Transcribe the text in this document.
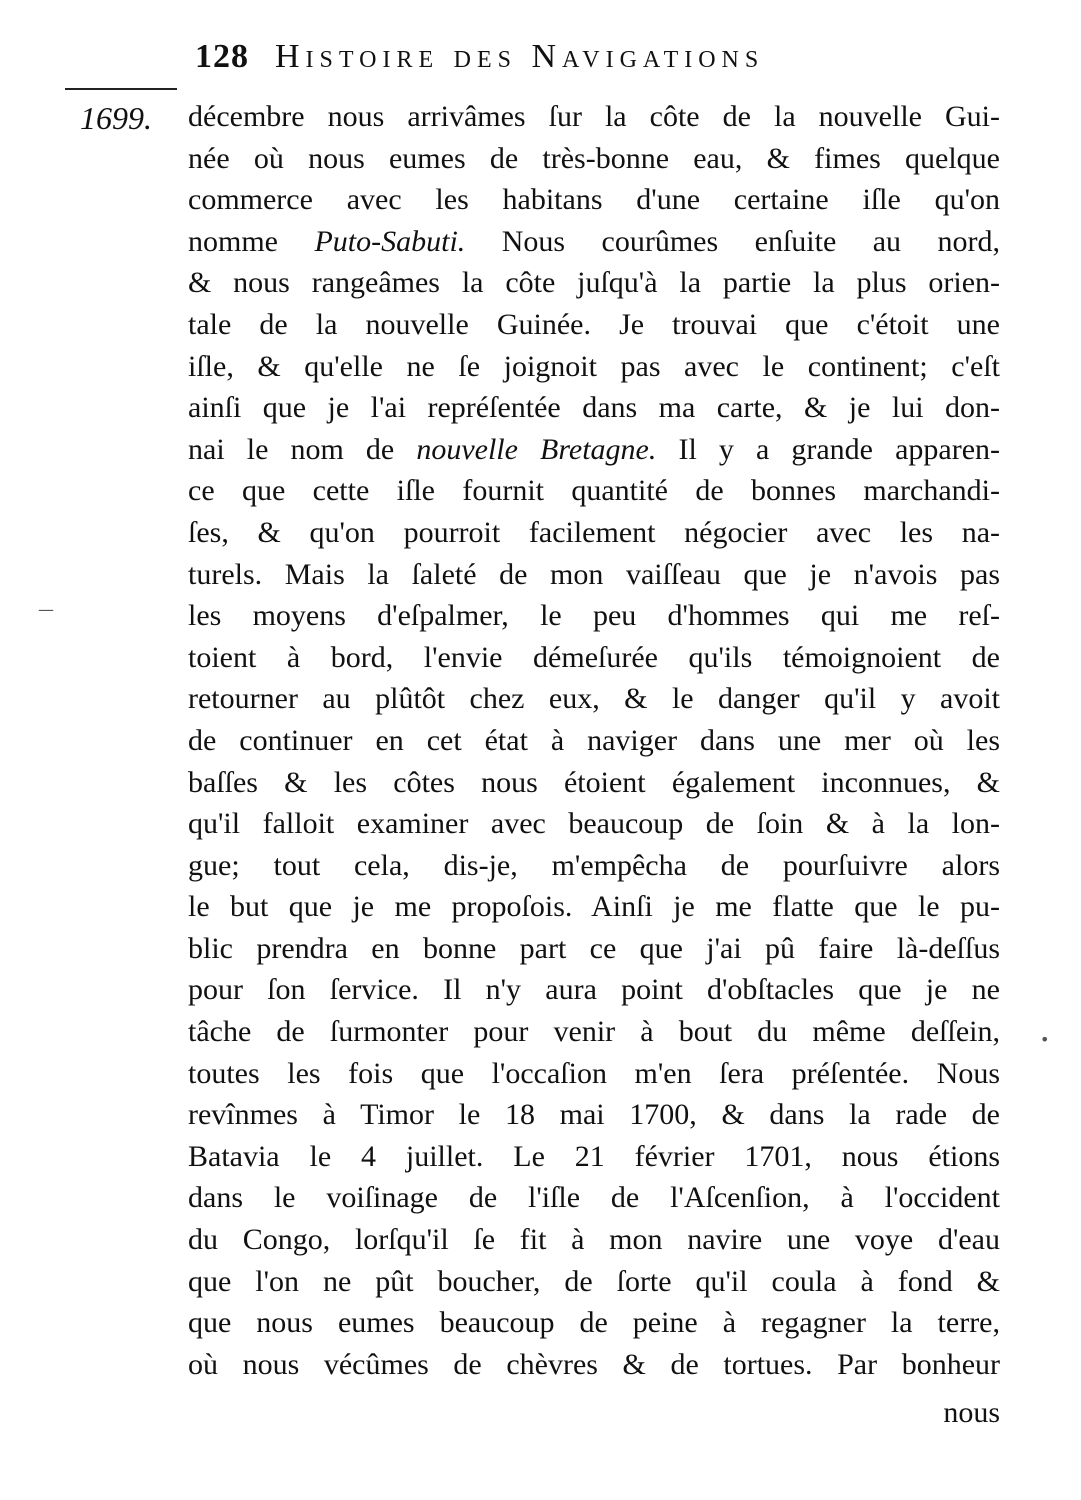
128 Histoire des Navigations
1699. décembre nous arrivâmes ſur la côte de la nouvelle Gui-
née où nous eumes de très-bonne eau, & fimes quelque
commerce avec les habitans d'une certaine iſle qu'on
nomme Puto-Sabuti. Nous courûmes enſuite au nord,
& nous rangeâmes la côte juſqu'à la partie la plus orien-
tale de la nouvelle Guinée. Je trouvai que c'étoit une
iſle, & qu'elle ne ſe joignoit pas avec le continent; c'eſt
ainſi que je l'ai repréſentée dans ma carte, & je lui don-
nai le nom de nouvelle Bretagne. Il y a grande apparen-
ce que cette iſle fournit quantité de bonnes marchandi-
ſes, & qu'on pourroit facilement négocier avec les na-
turels. Mais la ſaleté de mon vaiſſeau que je n'avois pas
les moyens d'eſpalmer, le peu d'hommes qui me reſ-
toient à bord, l'envie démeſurée qu'ils témoignoient de
retourner au plûtôt chez eux, & le danger qu'il y avoit
de continuer en cet état à naviger dans une mer où les
baſſes & les côtes nous étoient également inconnues, &
qu'il falloit examiner avec beaucoup de ſoin & à la lon-
gue; tout cela, dis-je, m'empêcha de pourſuivre alors
le but que je me propoſois. Ainſi je me flatte que le pu-
blic prendra en bonne part ce que j'ai pû faire là-deſſus
pour ſon ſervice. Il n'y aura point d'obſtacles que je ne
tâche de ſurmonter pour venir à bout du même deſſein,
toutes les fois que l'occaſion m'en ſera préſentée. Nous
revînmes à Timor le 18 mai 1700, & dans la rade de
Batavia le 4 juillet. Le 21 février 1701, nous étions
dans le voiſinage de l'iſle de l'Aſcenſion, à l'occident
du Congo, lorſqu'il ſe fit à mon navire une voye d'eau
que l'on ne pût boucher, de ſorte qu'il coula à fond &
que nous eumes beaucoup de peine à regagner la terre,
où nous vécûmes de chèvres & de tortues. Par bonheur
nous
—
•
